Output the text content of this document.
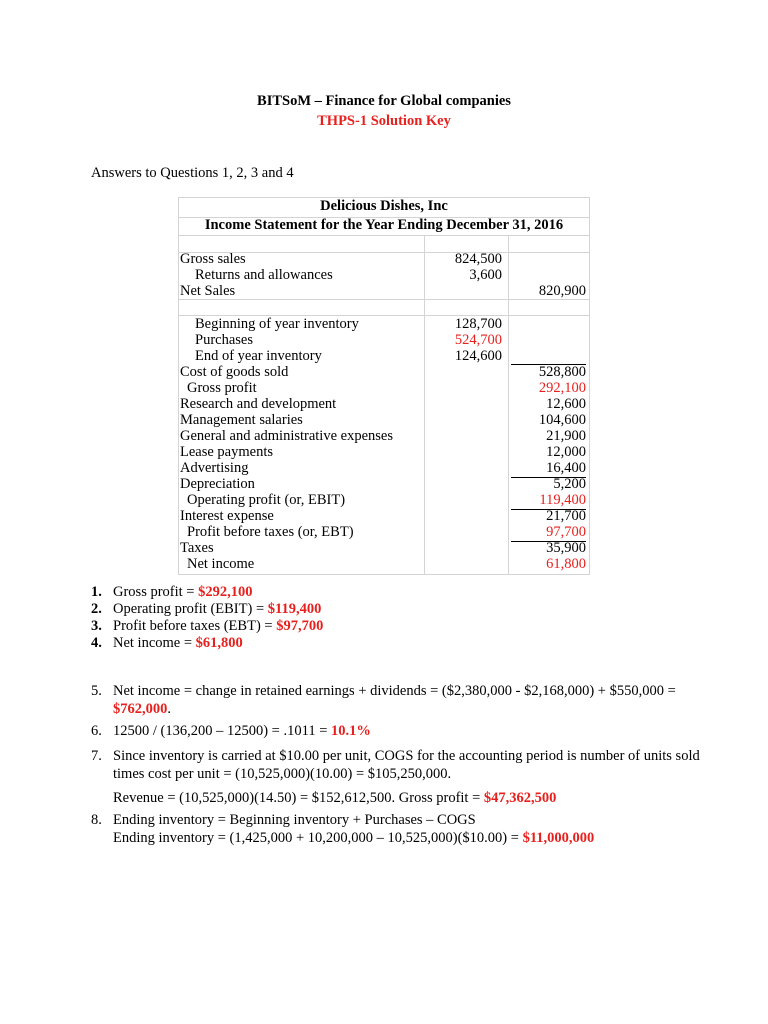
BITSoM – Finance for Global companies
THPS-1 Solution Key
Answers to Questions 1, 2, 3 and 4
Delicious Dishes, Inc
Income Statement for the Year Ending December 31, 2016
Gross sales	824,500
Returns and allowances	3,600
Net Sales	820,900
Beginning of year inventory	128,700
Purchases	524,700
End of year inventory	124,600
Cost of goods sold	528,800
Gross profit	292,100
Research and development	12,600
Management salaries	104,600
General and administrative expenses	21,900
Lease payments	12,000
Advertising	16,400
Depreciation	5,200
Operating profit (or, EBIT)	119,400
Interest expense	21,700
Profit before taxes (or, EBT)	97,700
Taxes	35,900
Net income	61,800
1. Gross profit = $292,100
2. Operating profit (EBIT) = $119,400
3. Profit before taxes (EBT) = $97,700
4. Net income = $61,800
5. Net income = change in retained earnings + dividends = ($2,380,000 - $2,168,000) + $550,000 =
$762,000.
6. 12500 / (136,200 – 12500) = .1011 = 10.1%
7. Since inventory is carried at $10.00 per unit, COGS for the accounting period is number of units sold
times cost per unit = (10,525,000)(10.00) = $105,250,000.
Revenue = (10,525,000)(14.50) = $152,612,500. Gross profit = $47,362,500
8. Ending inventory = Beginning inventory + Purchases – COGS
Ending inventory = (1,425,000 + 10,200,000 – 10,525,000)($10.00) = $11,000,000
